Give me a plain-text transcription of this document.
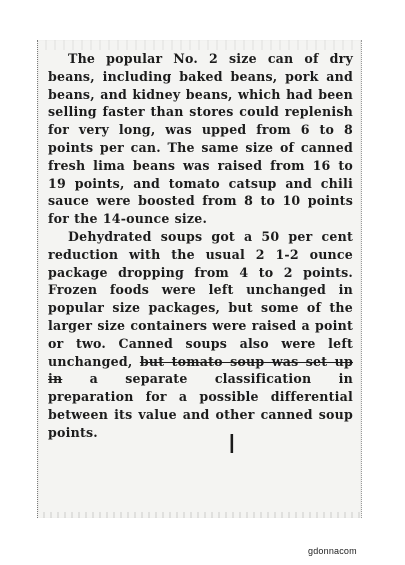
The popular No. 2 size can of dry beans, including baked beans, pork and beans, and kidney beans, which had been selling faster than stores could replenish for very long, was upped from 6 to 8 points per can. The same size of canned fresh lima beans was raised from 16 to 19 points, and tomato catsup and chili sauce were boosted from 8 to 10 points for the 14-ounce size.

Dehydrated soups got a 50 per cent reduction with the usual 2 1-2 ounce package dropping from 4 to 2 points. Frozen foods were left unchanged in popular size packages, but some of the larger size containers were raised a point or two. Canned soups also were left unchanged, but tomato soup was set up in a separate classification in preparation for a possible differential between its value and other canned soup points.	I
gdonnacom
